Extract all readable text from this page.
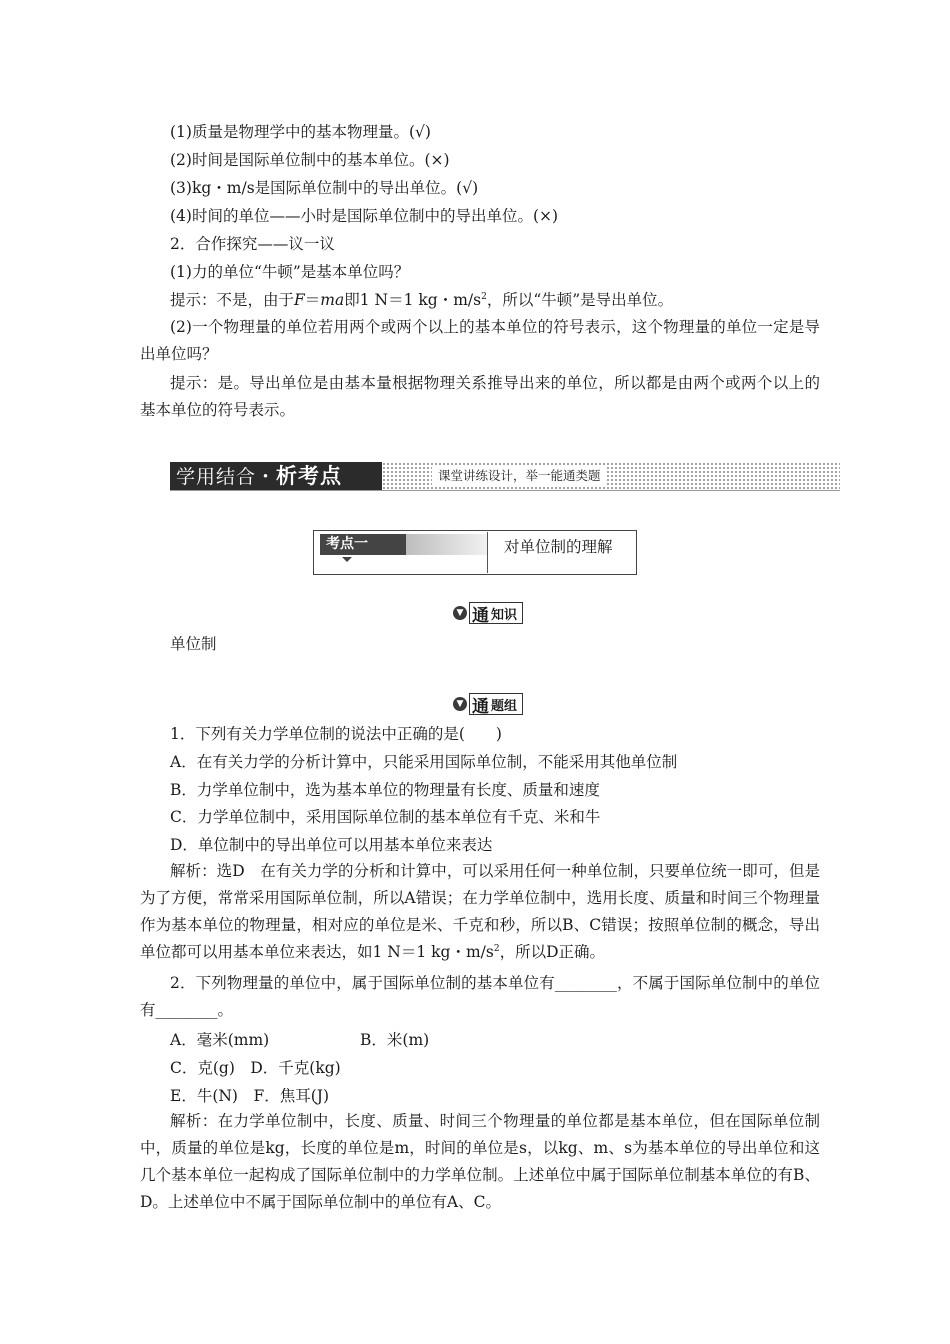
(1)质量是物理学中的基本物理量。(√)
(2)时间是国际单位制中的基本单位。(×)
(3)kg・m/s是国际单位制中的导出单位。(√)
(4)时间的单位——小时是国际单位制中的导出单位。(×)
2．合作探究——议一议
(1)力的单位“牛顿”是基本单位吗？
提示：不是，由于F＝ma即1 N＝1 kg・$m/s^2$，所以“牛顿”是导出单位。
(2)一个物理量的单位若用两个或两个以上的基本单位的符号表示，这个物理量的单位一定是导出单位吗？
提示：是。导出单位是由基本量根据物理关系推导出来的单位，所以都是由两个或两个以上的基本单位的符号表示。
学用结合・析考点	课堂讲练设计，举一能通类题
考点一	对单位制的理解
▼ 通 知识
单位制
▼ 通 题组
1．下列有关力学单位制的说法中正确的是(　　)
A．在有关力学的分析计算中，只能采用国际单位制，不能采用其他单位制
B．力学单位制中，选为基本单位的物理量有长度、质量和速度
C．力学单位制中，采用国际单位制的基本单位有千克、米和牛
D．单位制中的导出单位可以用基本单位来表达
解析：选D　在有关力学的分析和计算中，可以采用任何一种单位制，只要单位统一即可，但是为了方便，常常采用国际单位制，所以A错误；在力学单位制中，选用长度、质量和时间三个物理量作为基本单位的物理量，相对应的单位是米、千克和秒，所以B、C错误；按照单位制的概念，导出单位都可以用基本单位来表达，如1 N＝1 kg・$m/s^2$，所以D正确。
2．下列物理量的单位中，属于国际单位制的基本单位有________，不属于国际单位制中的单位有________。
A．毫米(mm)	B．米(m)
C．克(g)　D．千克(kg)
E．牛(N)　F．焦耳(J)
解析：在力学单位制中，长度、质量、时间三个物理量的单位都是基本单位，但在国际单位制中，质量的单位是kg，长度的单位是m，时间的单位是s，以kg、m、s为基本单位的导出单位和这几个基本单位一起构成了国际单位制中的力学单位制。上述单位中属于国际单位制基本单位的有B、D。上述单位中不属于国际单位制中的单位有A、C。
